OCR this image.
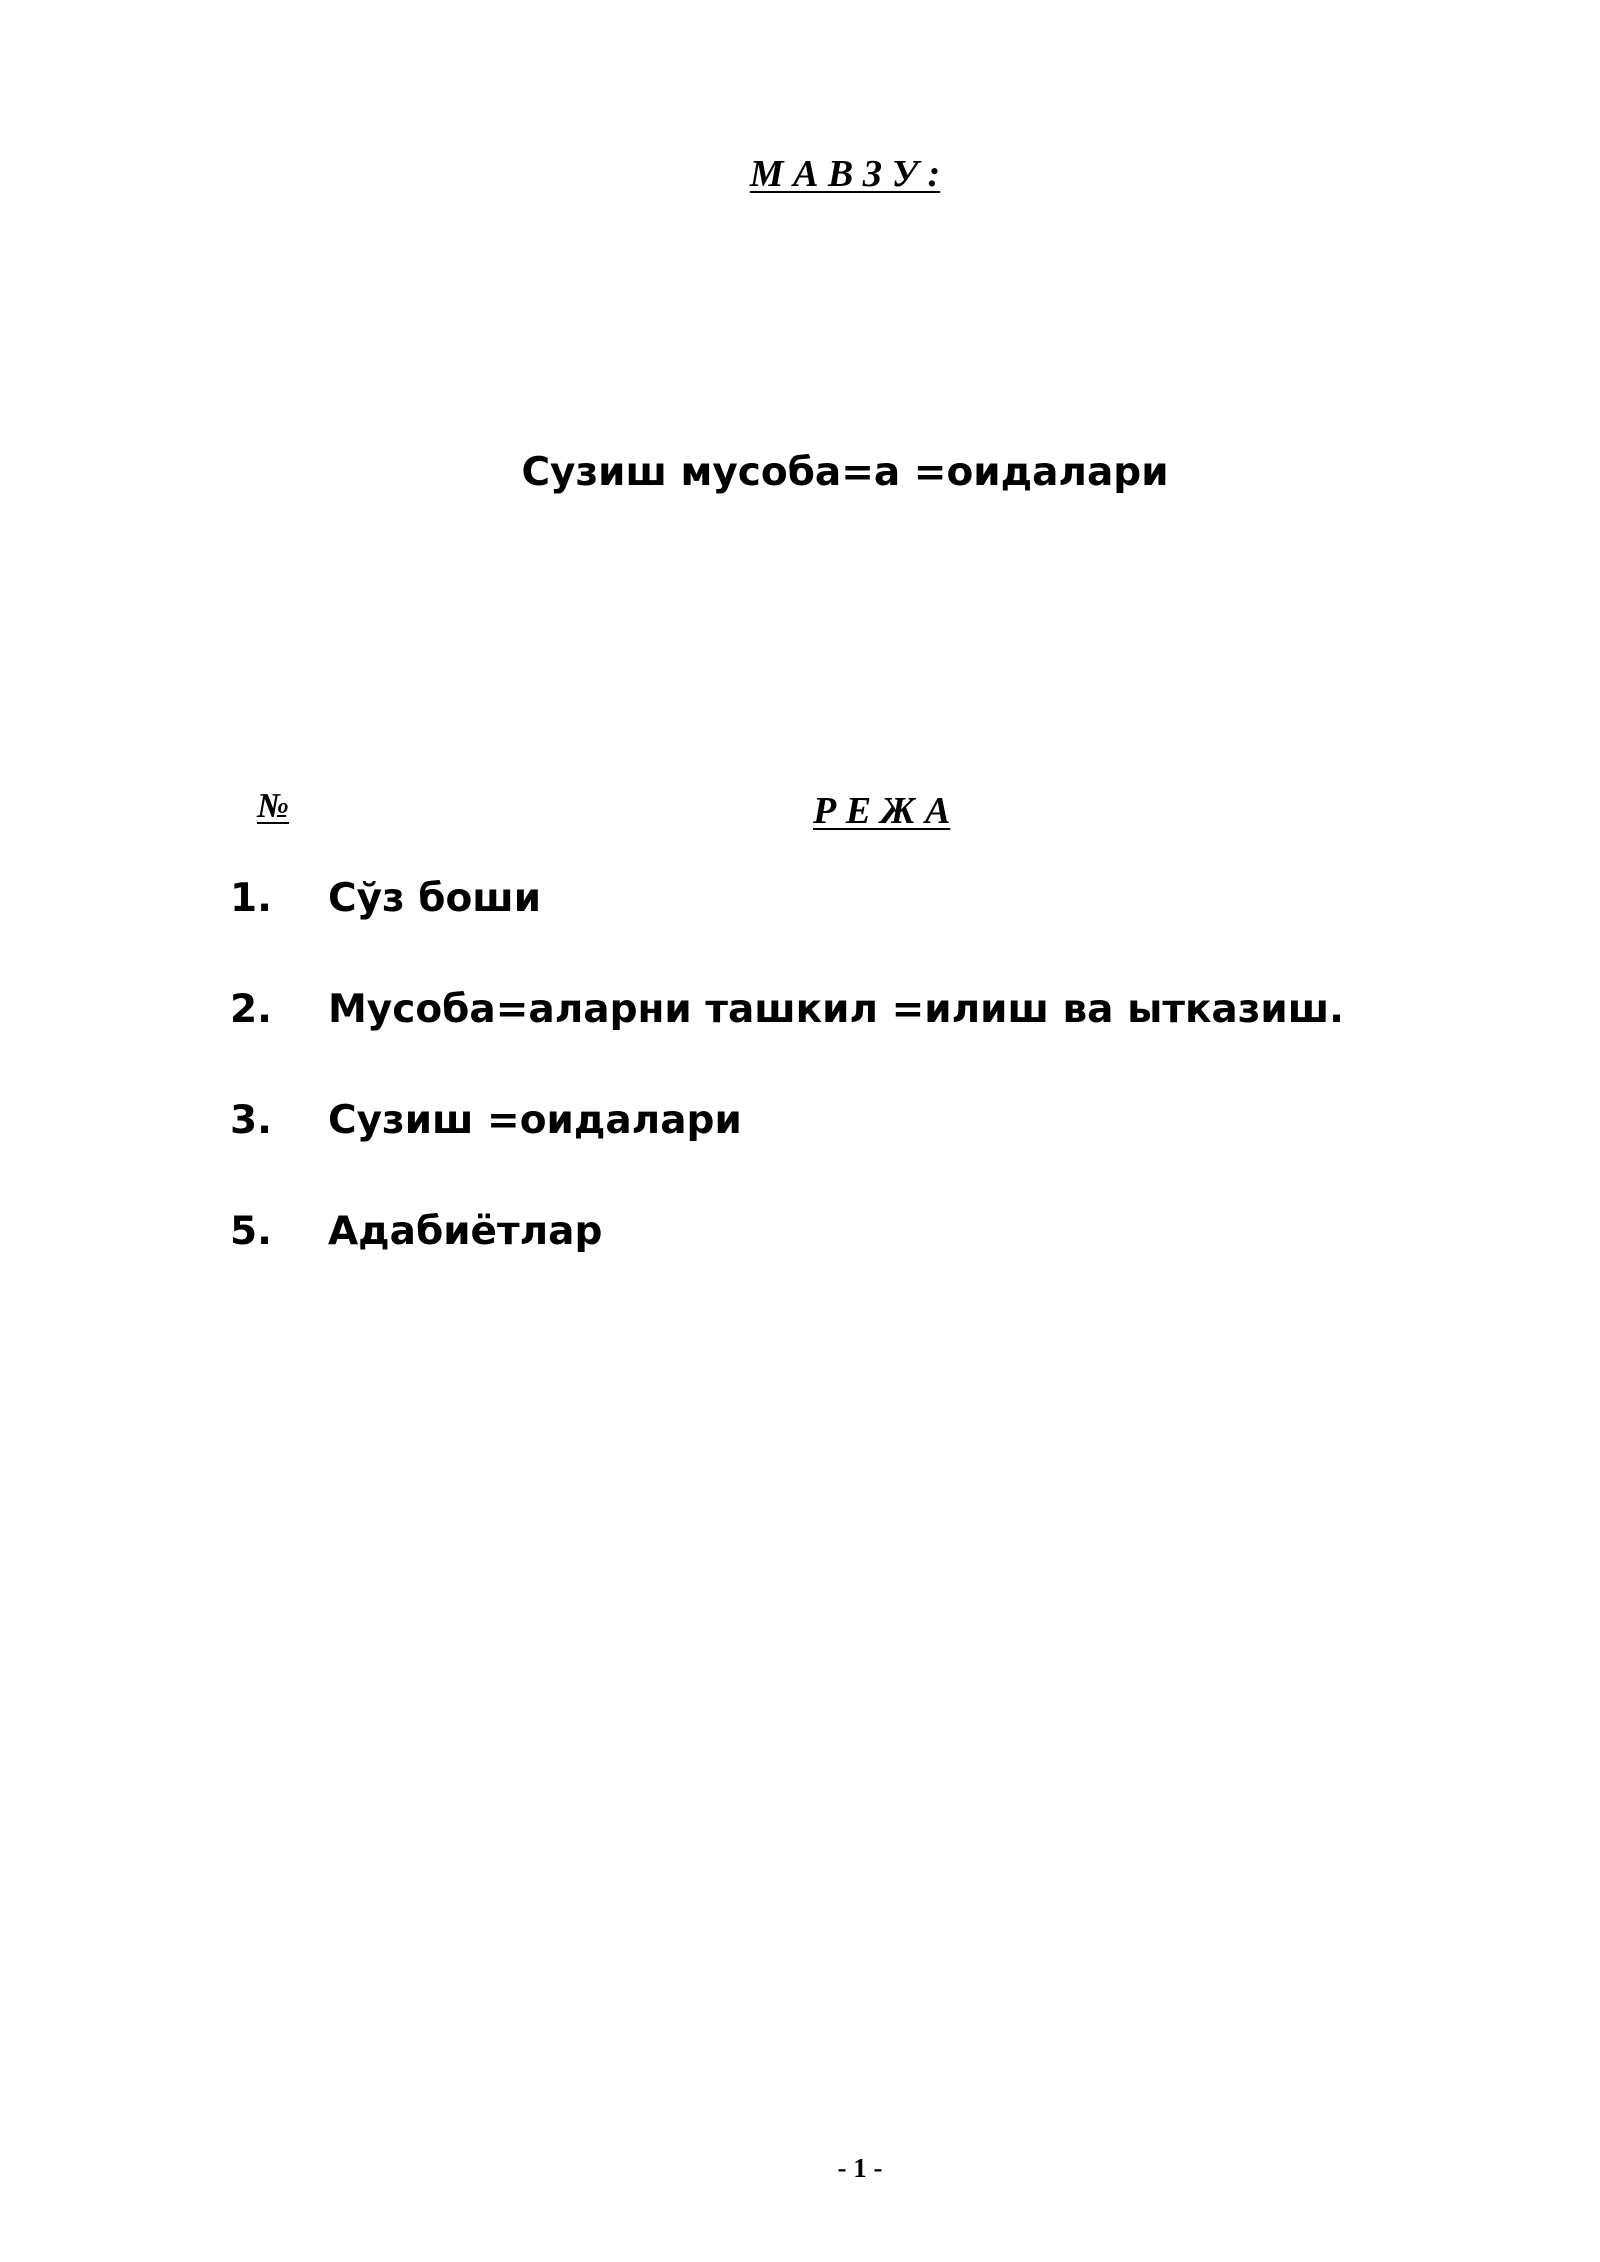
М А В З У :
Сузиш мусоба=а =оидалари
№	Р Е Ж А
1. Сўз боши
2. Мусоба=аларни ташкил =илиш ва ыткaзиш.
3. Сузиш =оидалари
5. Адабиётлар
- 1 -
